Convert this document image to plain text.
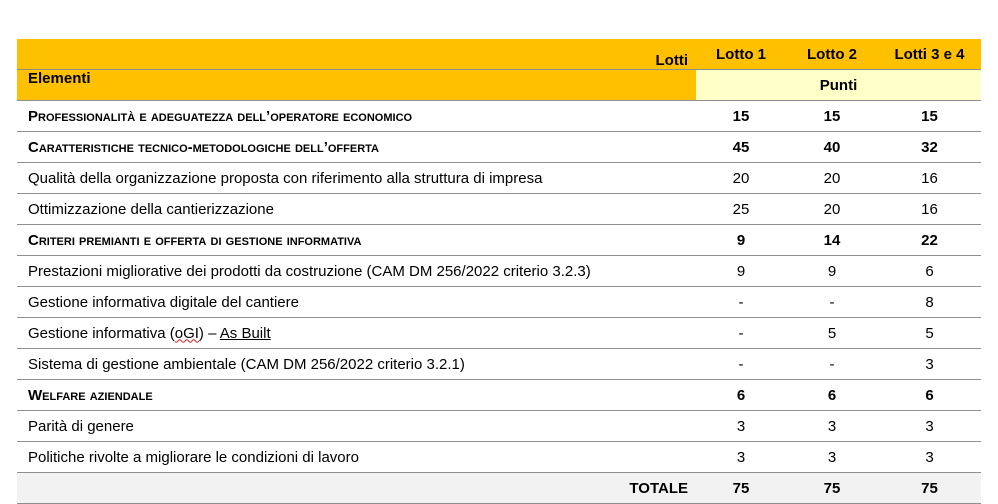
Lotti	Lotto 1	Lotto 2	Lotti 3 e 4
Elementi	Punti		
Professionalità e adeguatezza dell’operatore economico	15	15	15
Caratteristiche tecnico-metodologiche dell’offerta	45	40	32
Qualità della organizzazione proposta con riferimento alla struttura di impresa	20	20	16
Ottimizzazione della cantierizzazione	25	20	16
Criteri premianti e offerta di gestione informativa	9	14	22
Prestazioni migliorative dei prodotti da costruzione (CAM DM 256/2022 criterio 3.2.3)	9	9	6
Gestione informativa digitale del cantiere	-	-	8
Gestione informativa (oGI) – As Built	-	5	5
Sistema di gestione ambientale (CAM DM 256/2022 criterio 3.2.1)	-	-	3
Welfare aziendale	6	6	6
Parità di genere	3	3	3
Politiche rivolte a migliorare le condizioni di lavoro	3	3	3
TOTALE	75	75	75
